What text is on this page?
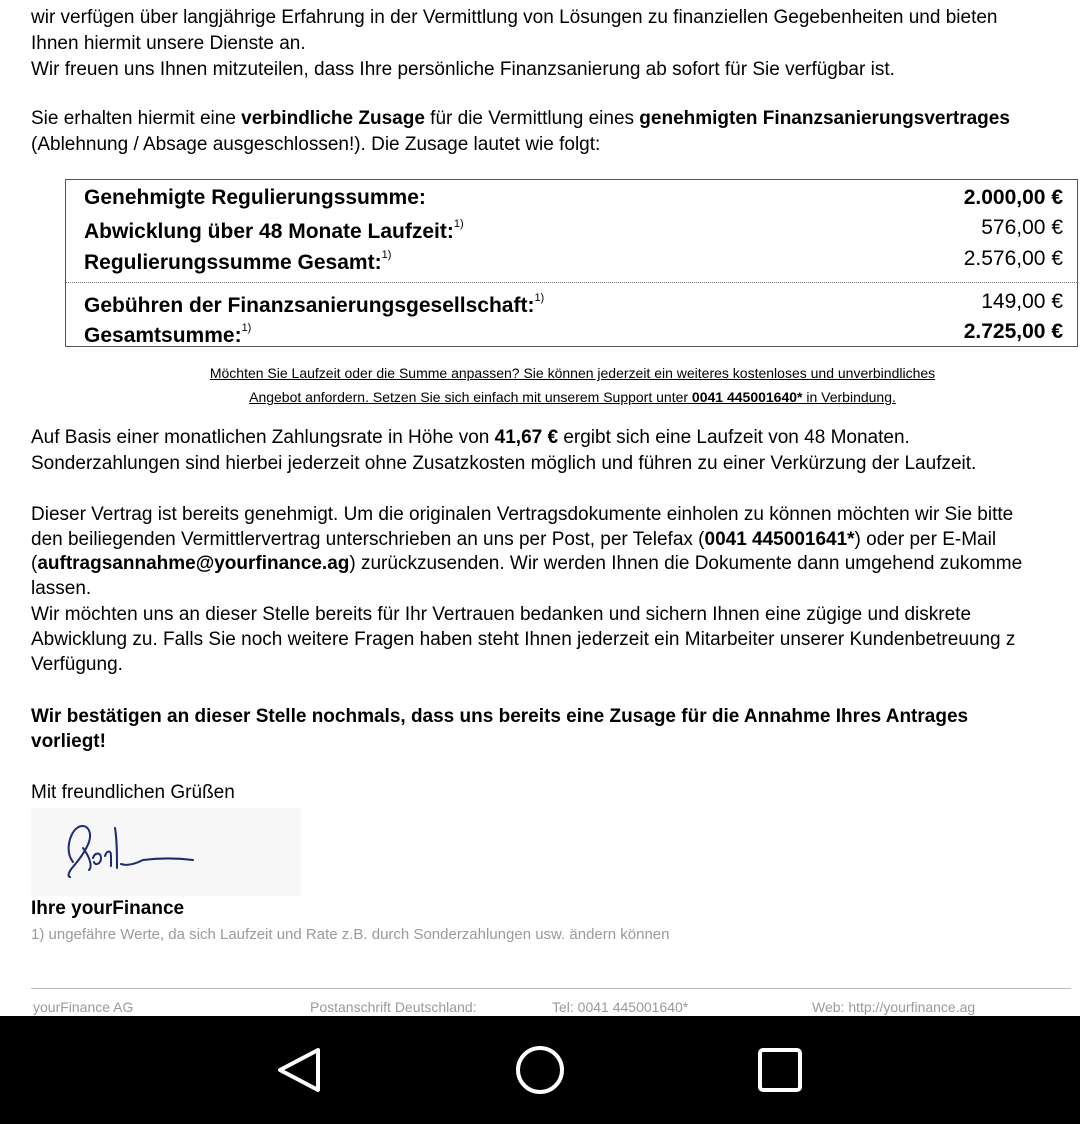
wir verfügen über langjährige Erfahrung in der Vermittlung von Lösungen zu finanziellen Gegebenheiten und bieten
Ihnen hiermit unsere Dienste an.
Wir freuen uns Ihnen mitzuteilen, dass Ihre persönliche Finanzsanierung ab sofort für Sie verfügbar ist.
Sie erhalten hiermit eine verbindliche Zusage für die Vermittlung eines genehmigten Finanzsanierungsvertrages
(Ablehnung / Absage ausgeschlossen!). Die Zusage lautet wie folgt:
Genehmigte Regulierungssumme:	2.000,00 €
Abwicklung über 48 Monate Laufzeit:$^{1)}$	576,00 €
Regulierungssumme Gesamt:$^{1)}$	2.576,00 €
Gebühren der Finanzsanierungsgesellschaft:$^{1)}$	149,00 €
Gesamtsumme:$^{1)}$	2.725,00 €
Möchten Sie Laufzeit oder die Summe anpassen? Sie können jederzeit ein weiteres kostenloses und unverbindliches
Angebot anfordern. Setzen Sie sich einfach mit unserem Support unter 0041 445001640* in Verbindung.
Auf Basis einer monatlichen Zahlungsrate in Höhe von 41,67 € ergibt sich eine Laufzeit von 48 Monaten.
Sonderzahlungen sind hierbei jederzeit ohne Zusatzkosten möglich und führen zu einer Verkürzung der Laufzeit.
Dieser Vertrag ist bereits genehmigt. Um die originalen Vertragsdokumente einholen zu können möchten wir Sie bitte
den beiliegenden Vermittlervertrag unterschrieben an uns per Post, per Telefax (0041 445001641*) oder per E-Mail
(auftragsannahme@yourfinance.ag) zurückzusenden. Wir werden Ihnen die Dokumente dann umgehend zukomme
lassen.
Wir möchten uns an dieser Stelle bereits für Ihr Vertrauen bedanken und sichern Ihnen eine zügige und diskrete
Abwicklung zu. Falls Sie noch weitere Fragen haben steht Ihnen jederzeit ein Mitarbeiter unserer Kundenbetreuung z
Verfügung.
Wir bestätigen an dieser Stelle nochmals, dass uns bereits eine Zusage für die Annahme Ihres Antrages
vorliegt!
Mit freundlichen Grüßen
Ihre yourFinance
1) ungefähre Werte, da sich Laufzeit und Rate z.B. durch Sonderzahlungen usw. ändern können
yourFinance AG	Postanschrift Deutschland:	Tel: 0041 445001640*	Web: http://yourfinance.ag
